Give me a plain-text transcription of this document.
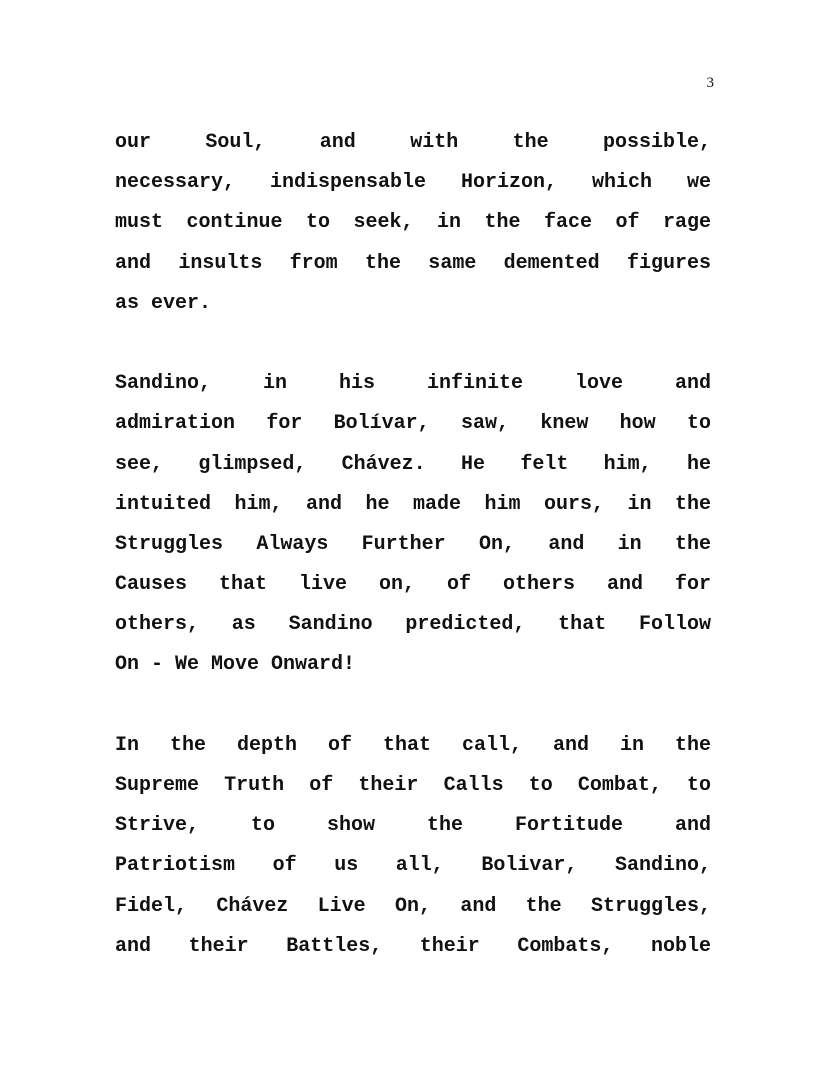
3
our Soul, and with the possible,
necessary, indispensable Horizon, which we
must continue to seek, in the face of rage
and insults from the same demented figures
as ever.
Sandino, in his infinite love and
admiration for Bolívar, saw, knew how to
see, glimpsed, Chávez. He felt him, he
intuited him, and he made him ours, in the
Struggles Always Further On, and in the
Causes that live on, of others and for
others, as Sandino predicted, that Follow
On - We Move Onward!
In the depth of that call, and in the
Supreme Truth of their Calls to Combat, to
Strive, to show the Fortitude and
Patriotism of us all, Bolivar, Sandino,
Fidel, Chávez Live On, and the Struggles,
and their Battles, their Combats, noble
